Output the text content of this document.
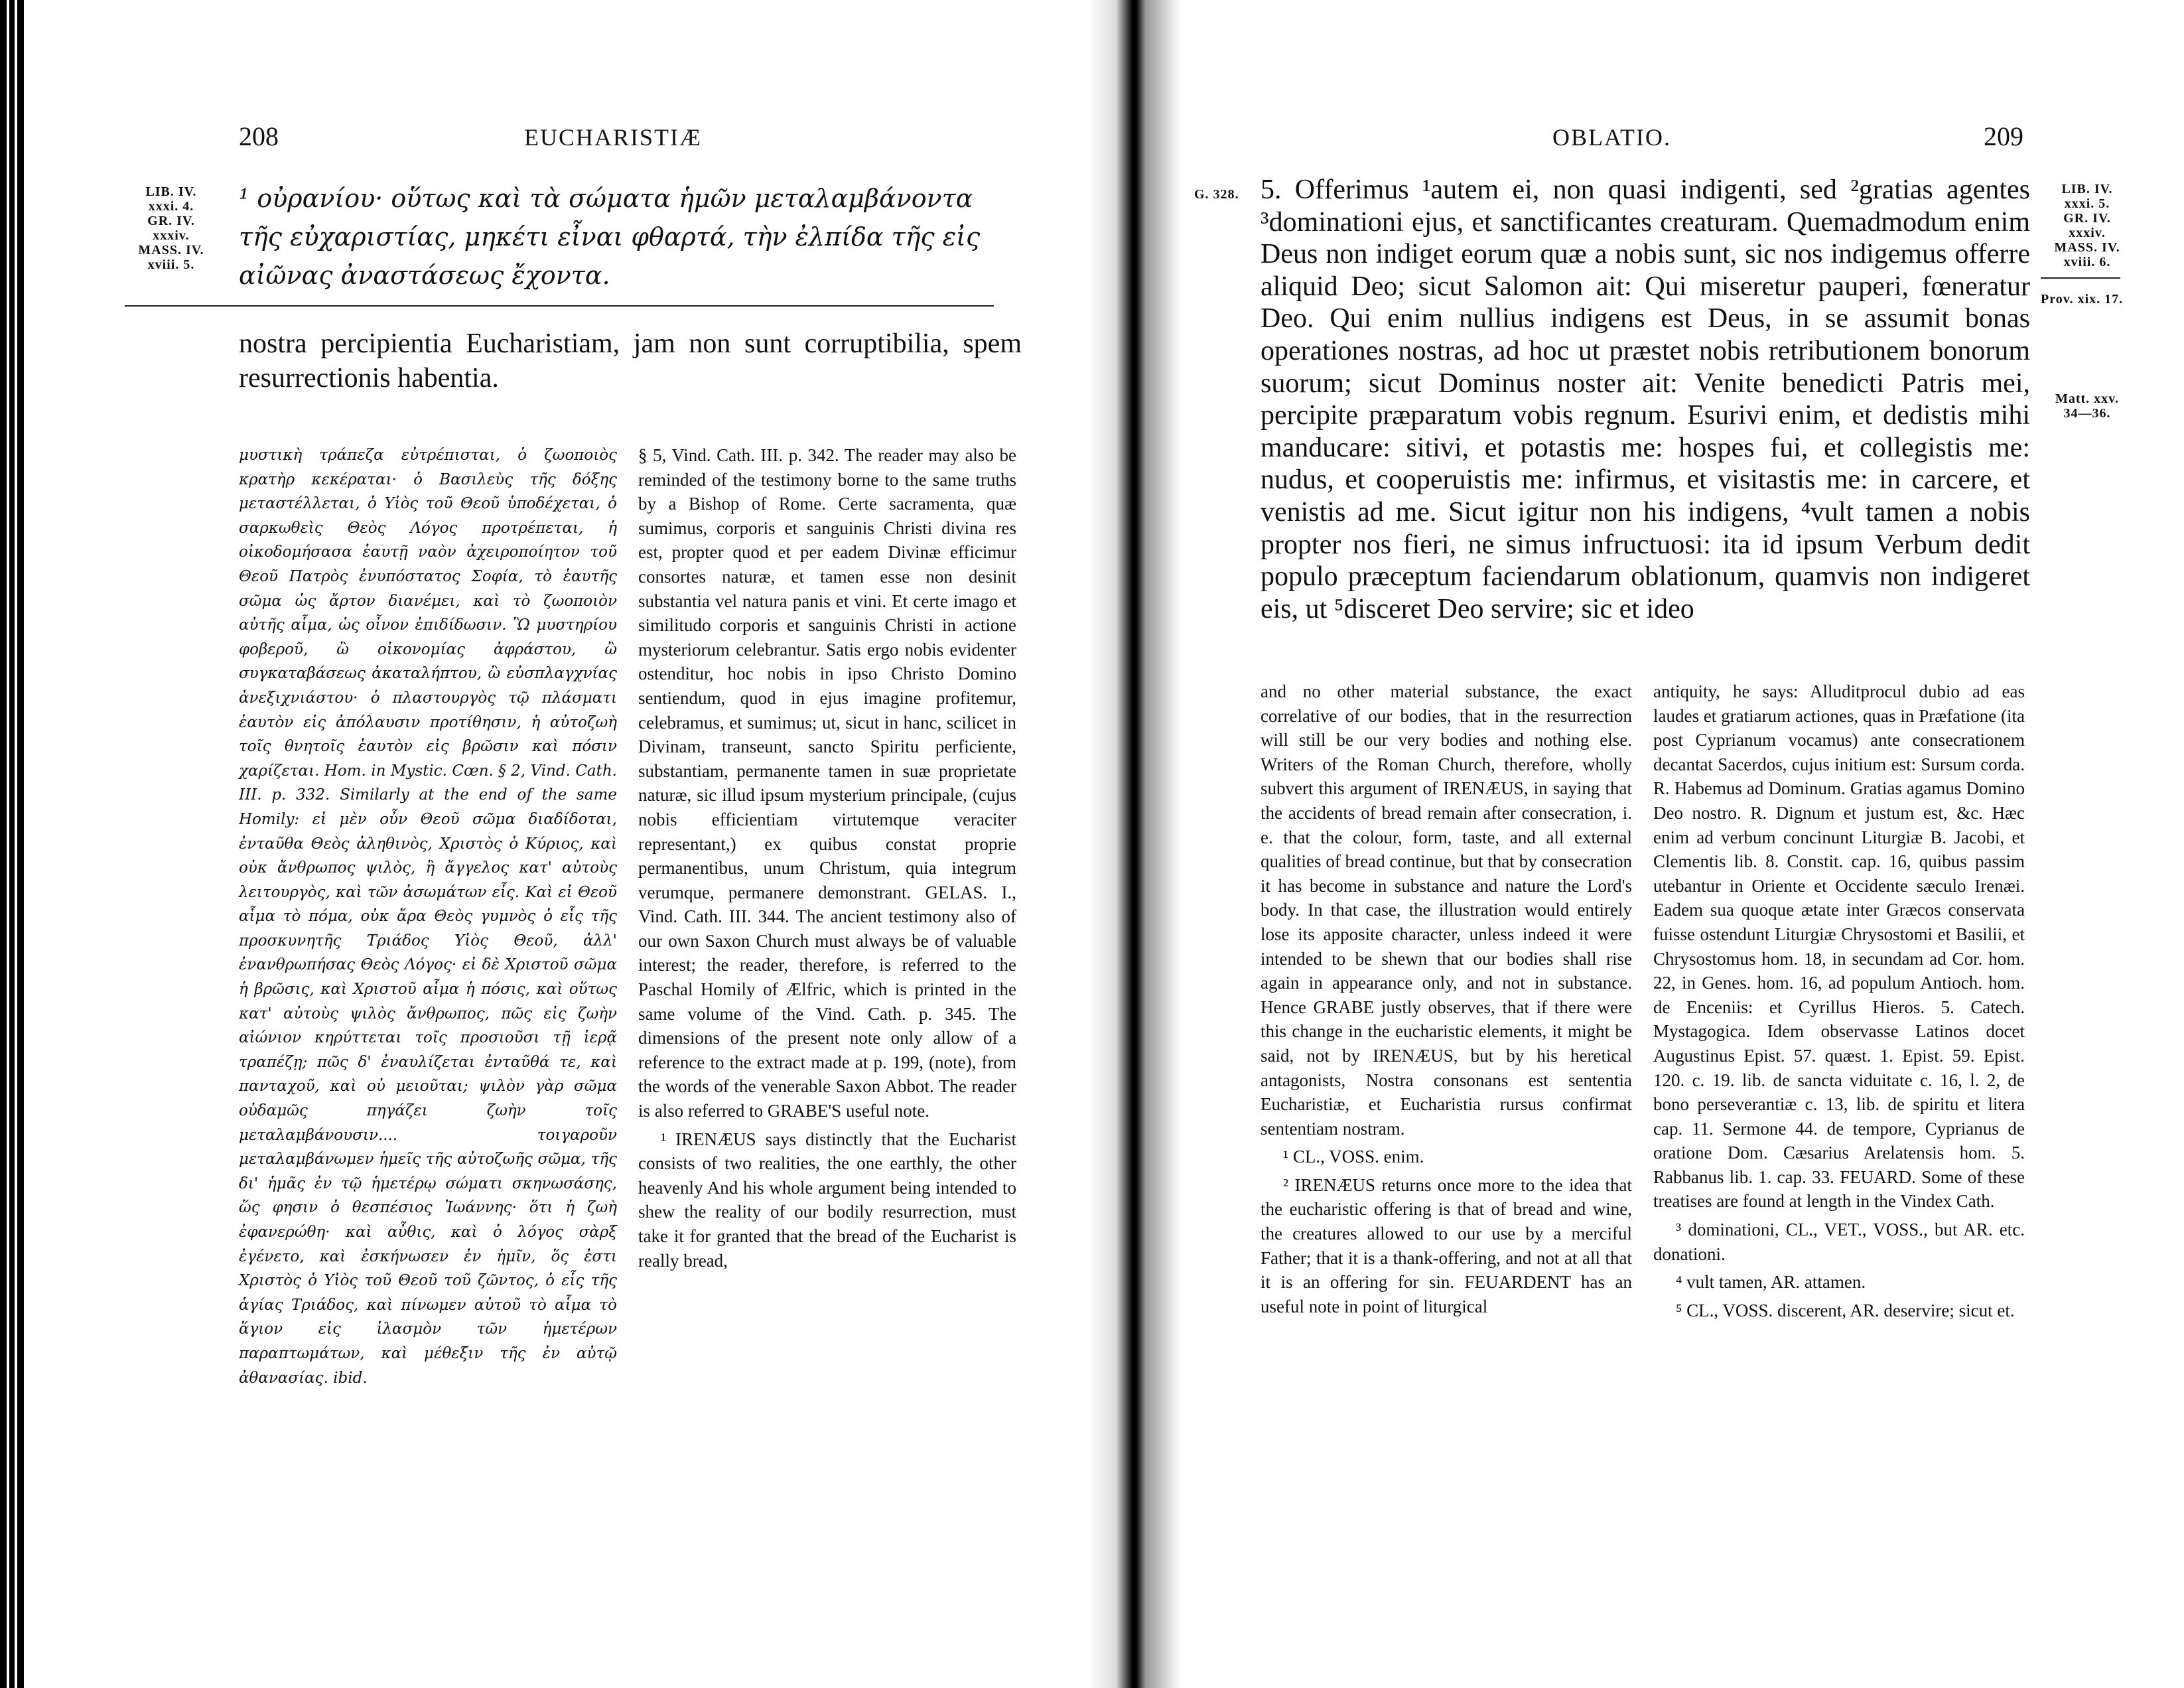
208	EUCHARISTIÆ
LIB. IV.
xxxi. 4.
GR. IV.
xxxiv.
MASS. IV.
xviii. 5.
¹ οὐρανίου· οὕτως καὶ τὰ σώματα ἡμῶν μεταλαμβάνοντα τῆς εὐχαριστίας, μηκέτι εἶναι φθαρτά, τὴν ἐλπίδα τῆς εἰς αἰῶνας ἀναστάσεως ἔχοντα.
nostra percipientia Eucharistiam, jam non sunt corruptibilia, spem resurrectionis habentia.
μυστικὴ τράπεζα εὐτρέπισται, ὁ ζωοποιὸς κρατὴρ κεκέραται· ὁ Βασιλεὺς τῆς δόξης μεταστέλλεται, ὁ Υἱὸς τοῦ Θεοῦ ὑποδέχεται, ὁ σαρκωθεὶς Θεὸς Λόγος προτρέπεται, ἡ οἰκοδομήσασα ἑαυτῇ ναὸν ἀχειροποίητον τοῦ Θεοῦ Πατρὸς ἐνυπόστατος Σοφία, τὸ ἑαυτῆς σῶμα ὡς ἄρτον διανέμει, καὶ τὸ ζωοποιὸν αὐτῆς αἷμα, ὡς οἶνον ἐπιδίδωσιν. Ὢ μυστηρίου φοβεροῦ, ὢ οἰκονομίας ἀφράστου, ὢ συγκαταβάσεως ἀκαταλήπτου, ὢ εὐσπλαγχνίας ἀνεξιχνιάστου· ὁ πλαστουργὸς τῷ πλάσματι ἑαυτὸν εἰς ἀπόλαυσιν προτίθησιν, ἡ αὐτοζωὴ τοῖς θνητοῖς ἑαυτὸν εἰς βρῶσιν καὶ πόσιν χαρίζεται. Hom. in Mystic. Cœn. § 2, Vind. Cath. III. p. 332. Similarly at the end of the same Homily: εἰ μὲν οὖν Θεοῦ σῶμα διαδίδοται, ἐνταῦθα Θεὸς ἀληθινὸς, Χριστὸς ὁ Κύριος, καὶ οὐκ ἄνθρωπος ψιλὸς, ἢ ἄγγελος κατ' αὐτοὺς λειτουργὸς, καὶ τῶν ἀσωμάτων εἷς. Καὶ εἰ Θεοῦ αἷμα τὸ πόμα, οὐκ ἄρα Θεὸς γυμνὸς ὁ εἷς τῆς προσκυνητῆς Τριάδος Υἱὸς Θεοῦ, ἀλλ' ἐνανθρωπήσας Θεὸς Λόγος· εἰ δὲ Χριστοῦ σῶμα ἡ βρῶσις, καὶ Χριστοῦ αἷμα ἡ πόσις, καὶ οὕτως κατ' αὐτοὺς ψιλὸς ἄνθρωπος, πῶς εἰς ζωὴν αἰώνιον κηρύττεται τοῖς προσιοῦσι τῇ ἱερᾷ τραπέζῃ; πῶς δ' ἐναυλίζεται ἐνταῦθά τε, καὶ πανταχοῦ, καὶ οὐ μειοῦται; ψιλὸν γὰρ σῶμα οὐδαμῶς πηγάζει ζωὴν τοῖς μεταλαμβάνουσιν.... τοιγαροῦν μεταλαμβάνωμεν ἡμεῖς τῆς αὐτοζωῆς σῶμα, τῆς δι' ἡμᾶς ἐν τῷ ἡμετέρῳ σώματι σκηνωσάσης, ὥς φησιν ὁ θεσπέσιος Ἰωάννης· ὅτι ἡ ζωὴ ἐφανερώθη· καὶ αὖθις, καὶ ὁ λόγος σὰρξ ἐγένετο, καὶ ἐσκήνωσεν ἐν ἡμῖν, ὅς ἐστι Χριστὸς ὁ Υἱὸς τοῦ Θεοῦ τοῦ ζῶντος, ὁ εἷς τῆς ἁγίας Τριάδος, καὶ πίνωμεν αὐτοῦ τὸ αἷμα τὸ ἅγιον εἰς ἱλασμὸν τῶν ἡμετέρων παραπτωμάτων, καὶ μέθεξιν τῆς ἐν αὐτῷ ἀθανασίας. ibid.

§ 5, Vind. Cath. III. p. 342. The reader may also be reminded of the testimony borne to the same truths by a Bishop of Rome. Certe sacramenta, quæ sumimus, corporis et sanguinis Christi divina res est, propter quod et per eadem Divinæ efficimur consortes naturæ, et tamen esse non desinit substantia vel natura panis et vini. Et certe imago et similitudo corporis et sanguinis Christi in actione mysteriorum celebrantur. Satis ergo nobis evidenter ostenditur, hoc nobis in ipso Christo Domino sentiendum, quod in ejus imagine profitemur, celebramus, et sumimus; ut, sicut in hanc, scilicet in Divinam, transeunt, sancto Spiritu perficiente, substantiam, permanente tamen in suæ proprietate naturæ, sic illud ipsum mysterium principale, (cujus nobis efficientiam virtutemque veraciter representant,) ex quibus constat proprie permanentibus, unum Christum, quia integrum verumque, permanere demonstrant. GELAS. I., Vind. Cath. III. 344. The ancient testimony also of our own Saxon Church must always be of valuable interest; the reader, therefore, is referred to the Paschal Homily of Ælfric, which is printed in the same volume of the Vind. Cath. p. 345. The dimensions of the present note only allow of a reference to the extract made at p. 199, (note), from the words of the venerable Saxon Abbot. The reader is also referred to GRABE'S useful note.

¹ IRENÆUS says distinctly that the Eucharist consists of two realities, the one earthly, the other heavenly And his whole argument being intended to shew the reality of our bodily resurrection, must take it for granted that the bread of the Eucharist is really bread,

OBLATIO.	209
G. 328.	LIB. IV.
xxxi. 5.
GR. IV.
xxxiv.
MASS. IV.
xviii. 6.
Prov. xix. 17.
Matt. xxv.
34—36.
5. Offerimus ¹autem ei, non quasi indigenti, sed ²gratias agentes ³dominationi ejus, et sanctificantes creaturam. Quemadmodum enim Deus non indiget eorum quæ a nobis sunt, sic nos indigemus offerre aliquid Deo; sicut Salomon ait: Qui miseretur pauperi, fœneratur Deo. Qui enim nullius indigens est Deus, in se assumit bonas operationes nostras, ad hoc ut præstet nobis retributionem bonorum suorum; sicut Dominus noster ait: Venite benedicti Patris mei, percipite præparatum vobis regnum. Esurivi enim, et dedistis mihi manducare: sitivi, et potastis me: hospes fui, et collegistis me: nudus, et cooperuistis me: infirmus, et visitastis me: in carcere, et venistis ad me. Sicut igitur non his indigens, ⁴vult tamen a nobis propter nos fieri, ne simus infructuosi: ita id ipsum Verbum dedit populo præceptum faciendarum oblationum, quamvis non indigeret eis, ut ⁵disceret Deo servire; sic et ideo

and no other material substance, the exact correlative of our bodies, that in the resurrection will still be our very bodies and nothing else. Writers of the Roman Church, therefore, wholly subvert this argument of IRENÆUS, in saying that the accidents of bread remain after consecration, i. e. that the colour, form, taste, and all external qualities of bread continue, but that by consecration it has become in substance and nature the Lord's body. In that case, the illustration would entirely lose its apposite character, unless indeed it were intended to be shewn that our bodies shall rise again in appearance only, and not in substance. Hence GRABE justly observes, that if there were this change in the eucharistic elements, it might be said, not by IRENÆUS, but by his heretical antagonists, Nostra consonans est sententia Eucharistiæ, et Eucharistia rursus confirmat sententiam nostram.

¹ CL., VOSS. enim.

² IRENÆUS returns once more to the idea that the eucharistic offering is that of bread and wine, the creatures allowed to our use by a merciful Father; that it is a thank-offering, and not at all that it is an offering for sin. FEUARDENT has an useful note in point of liturgical

antiquity, he says: Alluditprocul dubio ad eas laudes et gratiarum actiones, quas in Præfatione (ita post Cyprianum vocamus) ante consecrationem decantat Sacerdos, cujus initium est: Sursum corda. R. Habemus ad Dominum. Gratias agamus Domino Deo nostro. R. Dignum et justum est, &c. Hæc enim ad verbum concinunt Liturgiæ B. Jacobi, et Clementis lib. 8. Constit. cap. 16, quibus passim utebantur in Oriente et Occidente sæculo Irenæi. Eadem sua quoque ætate inter Græcos conservata fuisse ostendunt Liturgiæ Chrysostomi et Basilii, et Chrysostomus hom. 18, in secundam ad Cor. hom. 22, in Genes. hom. 16, ad populum Antioch. hom. de Enceniis: et Cyrillus Hieros. 5. Catech. Mystagogica. Idem observasse Latinos docet Augustinus Epist. 57. quæst. 1. Epist. 59. Epist. 120. c. 19. lib. de sancta viduitate c. 16, l. 2, de bono perseverantiæ c. 13, lib. de spiritu et litera cap. 11. Sermone 44. de tempore, Cyprianus de oratione Dom. Cæsarius Arelatensis hom. 5. Rabbanus lib. 1. cap. 33. FEUARD. Some of these treatises are found at length in the Vindex Cath.

³ dominationi, CL., VET., VOSS., but AR. etc. donationi.

⁴ vult tamen, AR. attamen.

⁵ CL., VOSS. discerent, AR. deservire; sicut et.
